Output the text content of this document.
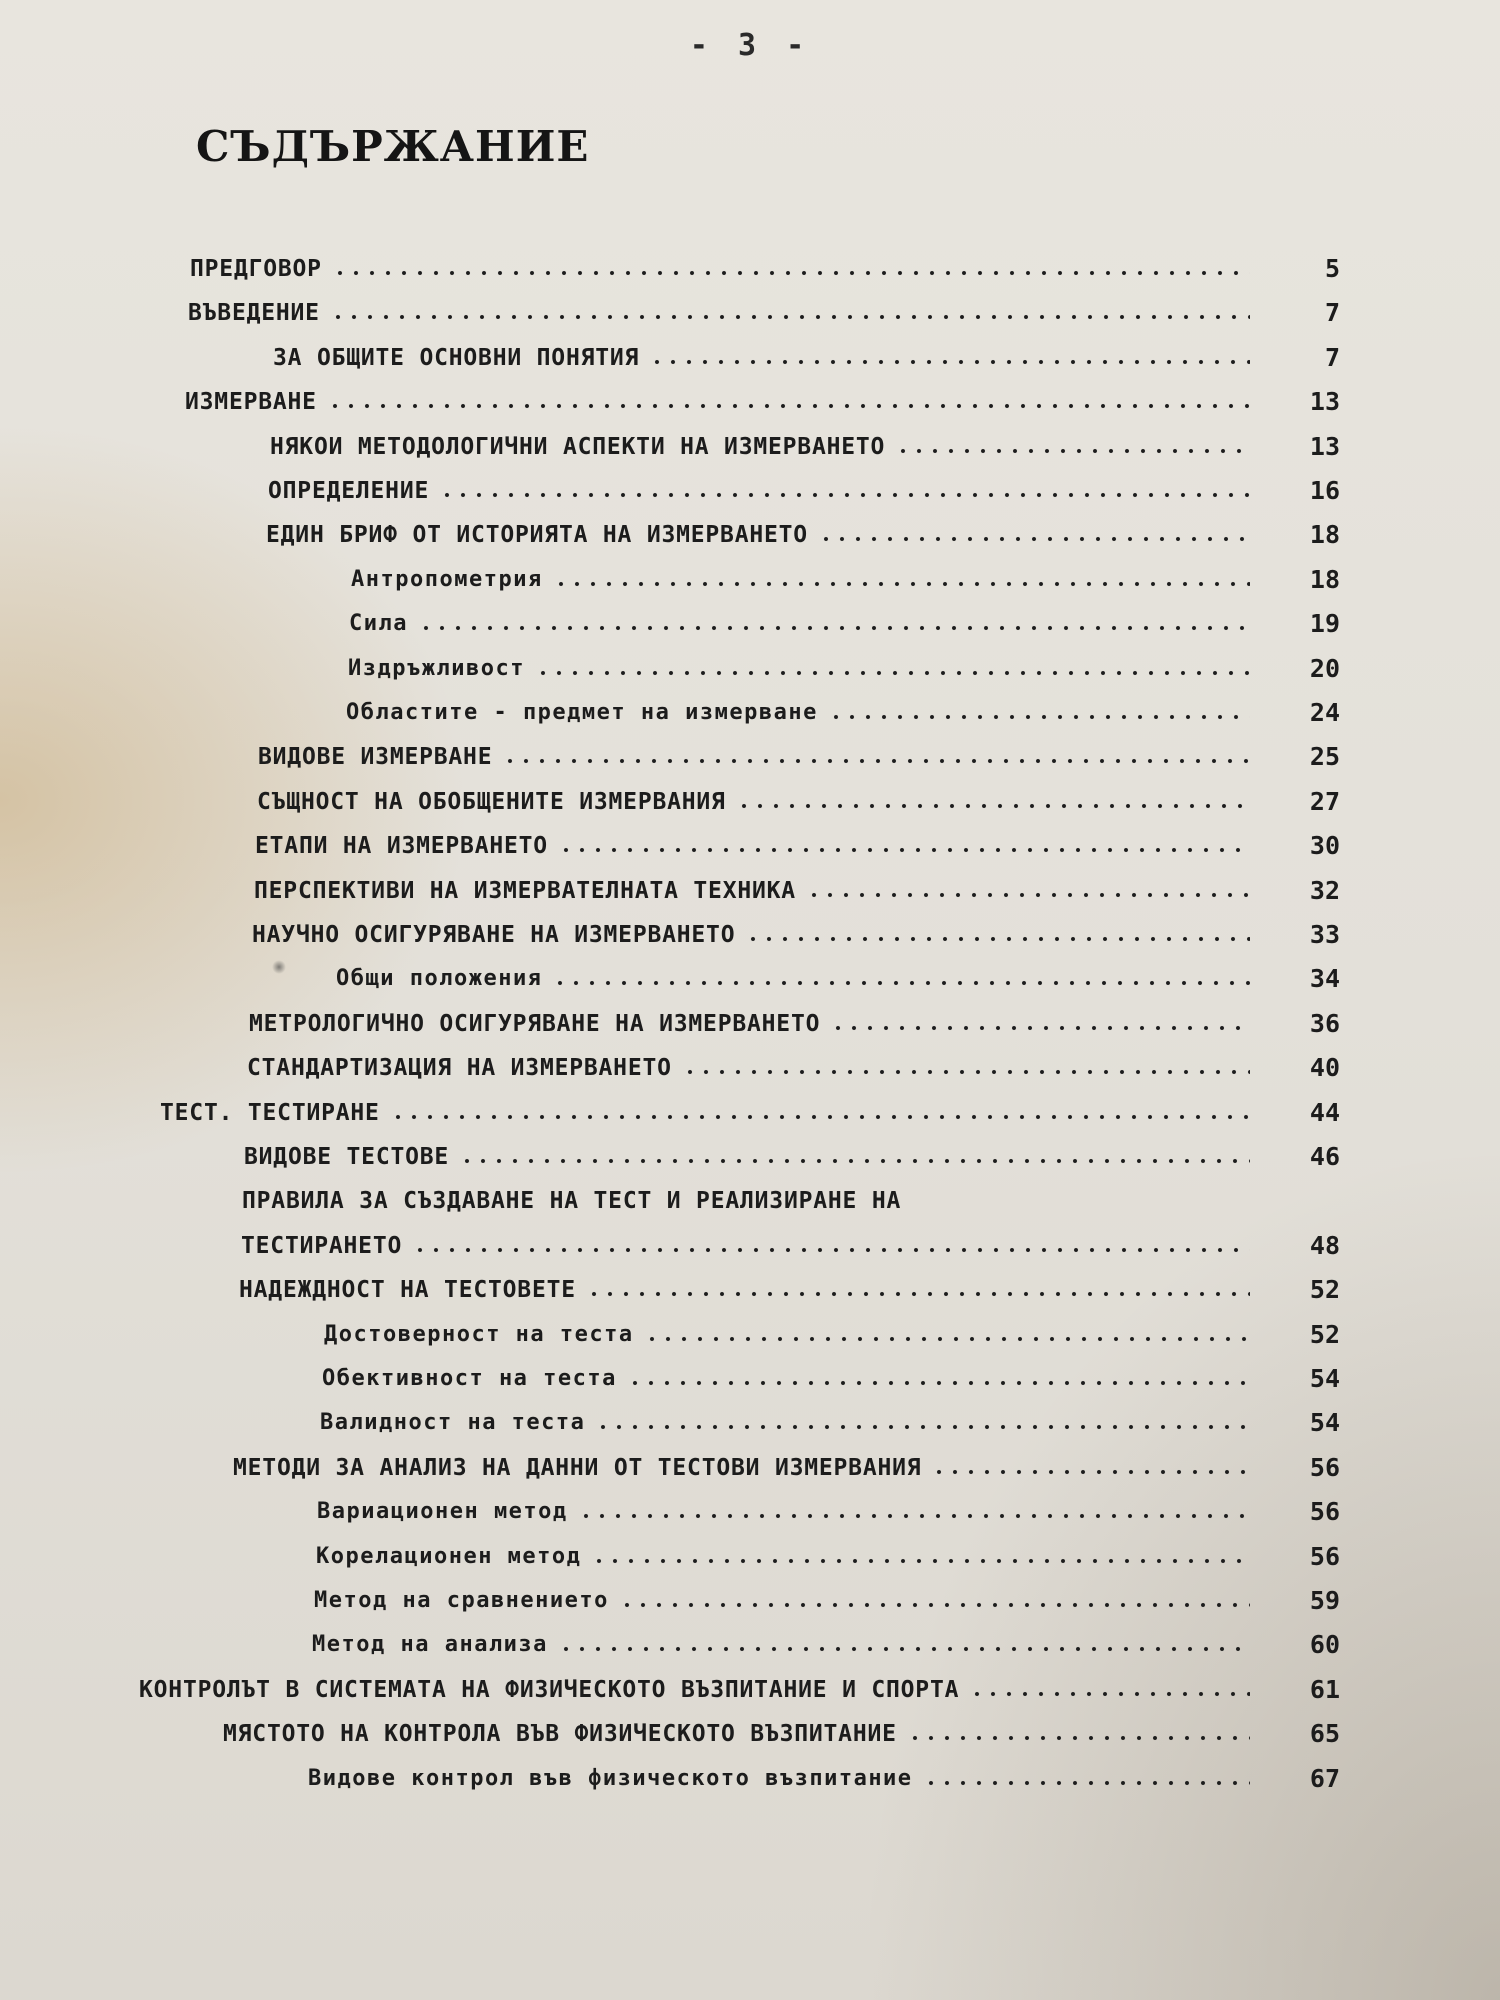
- 3 -
СЪДЪРЖАНИЕ
ПРЕДГОВОР	5
ВЪВЕДЕНИЕ	7
ЗА ОБЩИТЕ ОСНОВНИ ПОНЯТИЯ	7
ИЗМЕРВАНЕ	13
НЯКОИ МЕТОДОЛОГИЧНИ АСПЕКТИ НА ИЗМЕРВАНЕТО	13
ОПРЕДЕЛЕНИЕ	16
ЕДИН БРИФ ОТ ИСТОРИЯТА НА ИЗМЕРВАНЕТО	18
Антропометрия	18
Сила	19
Издръжливост	20
Областите - предмет на измерване	24
ВИДОВЕ ИЗМЕРВАНЕ	25
СЪЩНОСТ НА ОБОБЩЕНИТЕ ИЗМЕРВАНИЯ	27
ЕТАПИ НА ИЗМЕРВАНЕТО	30
ПЕРСПЕКТИВИ НА ИЗМЕРВАТЕЛНАТА ТЕХНИКА	32
НАУЧНО ОСИГУРЯВАНЕ НА ИЗМЕРВАНЕТО	33
Общи положения	34
МЕТРОЛОГИЧНО ОСИГУРЯВАНЕ НА ИЗМЕРВАНЕТО	36
СТАНДАРТИЗАЦИЯ НА ИЗМЕРВАНЕТО	40
ТЕСТ. ТЕСТИРАНЕ	44
ВИДОВЕ ТЕСТОВЕ	46
ПРАВИЛА ЗА СЪЗДАВАНЕ НА ТЕСТ И РЕАЛИЗИРАНЕ НА
ТЕСТИРАНЕТО	48
НАДЕЖДНОСТ НА ТЕСТОВЕТЕ	52
Достоверност на теста	52
Обективност на теста	54
Валидност на теста	54
МЕТОДИ ЗА АНАЛИЗ НА ДАННИ ОТ ТЕСТОВИ ИЗМЕРВАНИЯ	56
Вариационен метод	56
Корелационен метод	56
Метод на сравнението	59
Метод на анализа	60
КОНТРОЛЪТ В СИСТЕМАТА НА ФИЗИЧЕСКОТО ВЪЗПИТАНИЕ И СПОРТА	61
МЯСТОТО НА КОНТРОЛА ВЪВ ФИЗИЧЕСКОТО ВЪЗПИТАНИЕ	65
Видове контрол във физическото възпитание	67
